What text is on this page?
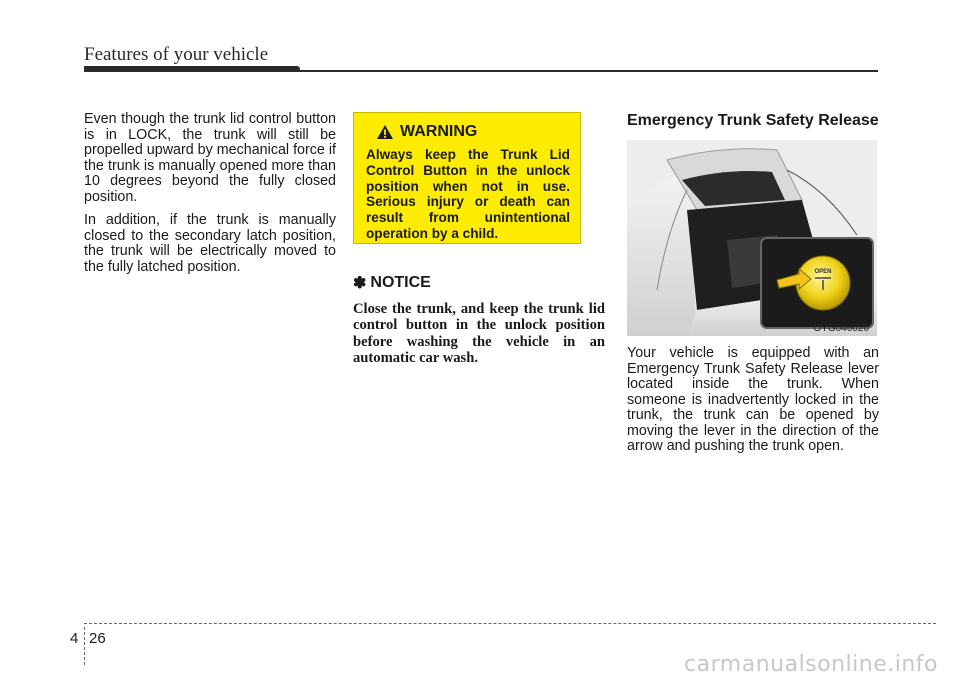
Features of your vehicle

Even though the trunk lid control button is in LOCK, the trunk will still be propelled upward by mechanical force if the trunk is manually opened more than 10 degrees beyond the fully closed position.

In addition, if the trunk is manually closed to the secondary latch position, the trunk will be electrically moved to the fully latched position.

WARNING
Always keep the Trunk Lid Control Button in the unlock position when not in use. Serious injury or death can result from unintentional operation by a child.
✽ NOTICE
Close the trunk, and keep the trunk lid control button in the unlock position before washing the vehicle in an automatic car wash.
Emergency Trunk Safety Release
OPEN
OYG046020

Your vehicle is equipped with an Emergency Trunk Safety Release lever located inside the trunk. When someone is inadvertently locked in the trunk, the trunk can be opened by moving the lever in the direction of the arrow and pushing the trunk open.

4 26
carmanualsonline.info
